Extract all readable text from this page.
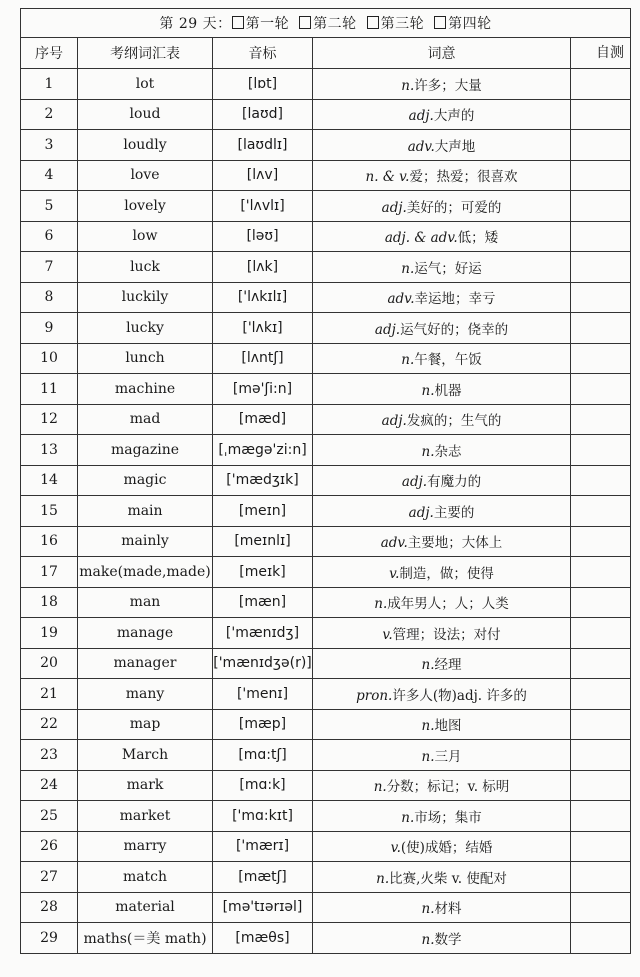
第 29 天： 第一轮 第二轮 第三轮 第四轮				
序号	考纲词汇表	音标	词意	自测
1	lot	[lɒt]	n.许多；大量	
2	loud	[laʊd]	adj.大声的	
3	loudly	[laʊdlɪ]	adv.大声地	
4	love	[lʌv]	n. & v.爱；热爱；很喜欢	
5	lovely	['lʌvlɪ]	adj.美好的；可爱的	
6	low	[ləʊ]	adj. & adv.低；矮	
7	luck	[lʌk]	n.运气；好运	
8	luckily	['lʌkɪlɪ]	adv.幸运地；幸亏	
9	lucky	['lʌkɪ]	adj.运气好的；侥幸的	
10	lunch	[lʌntʃ]	n.午餐，午饭	
11	machine	[mə'ʃi:n]	n.机器	
12	mad	[mæd]	adj.发疯的；生气的	
13	magazine	[ˌmægə'zi:n]	n.杂志	
14	magic	['mædʒɪk]	adj.有魔力的	
15	main	[meɪn]	adj.主要的	
16	mainly	[meɪnlɪ]	adv.主要地；大体上	
17	make(made,made)	[meɪk]	v.制造，做；使得	
18	man	[mæn]	n.成年男人；人；人类	
19	manage	['mænɪdʒ]	v.管理；设法；对付	
20	manager	['mænɪdʒə(r)]	n.经理	
21	many	['menɪ]	pron.许多人(物)adj. 许多的	
22	map	[mæp]	n.地图	
23	March	[mɑ:tʃ]	n.三月	
24	mark	[mɑ:k]	n.分数；标记；v. 标明	
25	market	['mɑ:kɪt]	n.市场；集市	
26	marry	['mærɪ]	v.(使)成婚；结婚	
27	match	[mætʃ]	n.比赛,火柴 v. 使配对	
28	material	[mə'tɪərɪəl]	n.材料	
29	maths(＝美 math)	[mæθs]	n.数学	
